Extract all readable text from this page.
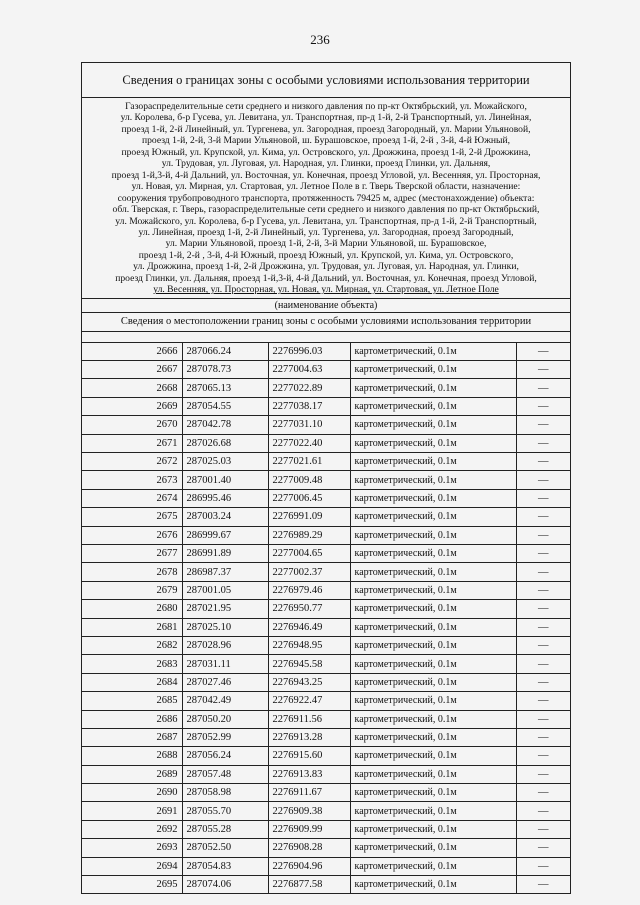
236
Сведения о границах зоны с особыми условиями использования территории
Газораспределительные сети среднего и низкого давления по пр-кт Октябрьский, ул. Можайского,
ул. Королева, б-р Гусева, ул. Левитана, ул. Транспортная, пр-д 1-й, 2-й Транспортный, ул. Линейная,
проезд 1-й, 2-й Линейный, ул. Тургенева, ул. Загородная, проезд Загородный, ул. Марии Ульяновой,
проезд 1-й, 2-й, 3-й Марии Ульяновой, ш. Бурашовское, проезд 1-й, 2-й , 3-й, 4-й Южный,
проезд Южный, ул. Крупской, ул. Кима, ул. Островского, ул. Дрожжина, проезд 1-й, 2-й Дрожжина,
ул. Трудовая, ул. Луговая, ул. Народная, ул. Глинки, проезд Глинки, ул. Дальняя,
проезд 1-й,3-й, 4-й Дальний, ул. Восточная, ул. Конечная, проезд Угловой, ул. Весенняя, ул. Просторная,
ул. Новая, ул. Мирная, ул. Стартовая, ул. Летное Поле в г. Тверь Тверской области, назначение:
сооружения трубопроводного транспорта, протяженность 79425 м, адрес (местонахождение) объекта:
обл. Тверская, г. Тверь, газораспределительные сети среднего и низкого давления по пр-кт Октябрьский,
ул. Можайского, ул. Королева, б-р Гусева, ул. Левитана, ул. Транспортная, пр-д 1-й, 2-й Транспортный,
ул. Линейная, проезд 1-й, 2-й Линейный, ул. Тургенева, ул. Загородная, проезд Загородный,
ул. Марии Ульяновой, проезд 1-й, 2-й, 3-й Марии Ульяновой, ш. Бурашовское,
проезд 1-й, 2-й , 3-й, 4-й Южный, проезд Южный, ул. Крупской, ул. Кима, ул. Островского,
ул. Дрожжина, проезд 1-й, 2-й Дрожжина, ул. Трудовая, ул. Луговая, ул. Народная, ул. Глинки,
проезд Глинки, ул. Дальняя, проезд 1-й,3-й, 4-й Дальний, ул. Восточная, ул. Конечная, проезд Угловой,
ул. Весенняя, ул. Просторная, ул. Новая, ул. Мирная, ул. Стартовая, ул. Летное Поле
(наименование объекта)
Сведения о местоположении границ зоны с особыми условиями использования территории
2666	287066.24	2276996.03	картометрический, 0.1м	—
2667	287078.73	2277004.63	картометрический, 0.1м	—
2668	287065.13	2277022.89	картометрический, 0.1м	—
2669	287054.55	2277038.17	картометрический, 0.1м	—
2670	287042.78	2277031.10	картометрический, 0.1м	—
2671	287026.68	2277022.40	картометрический, 0.1м	—
2672	287025.03	2277021.61	картометрический, 0.1м	—
2673	287001.40	2277009.48	картометрический, 0.1м	—
2674	286995.46	2277006.45	картометрический, 0.1м	—
2675	287003.24	2276991.09	картометрический, 0.1м	—
2676	286999.67	2276989.29	картометрический, 0.1м	—
2677	286991.89	2277004.65	картометрический, 0.1м	—
2678	286987.37	2277002.37	картометрический, 0.1м	—
2679	287001.05	2276979.46	картометрический, 0.1м	—
2680	287021.95	2276950.77	картометрический, 0.1м	—
2681	287025.10	2276946.49	картометрический, 0.1м	—
2682	287028.96	2276948.95	картометрический, 0.1м	—
2683	287031.11	2276945.58	картометрический, 0.1м	—
2684	287027.46	2276943.25	картометрический, 0.1м	—
2685	287042.49	2276922.47	картометрический, 0.1м	—
2686	287050.20	2276911.56	картометрический, 0.1м	—
2687	287052.99	2276913.28	картометрический, 0.1м	—
2688	287056.24	2276915.60	картометрический, 0.1м	—
2689	287057.48	2276913.83	картометрический, 0.1м	—
2690	287058.98	2276911.67	картометрический, 0.1м	—
2691	287055.70	2276909.38	картометрический, 0.1м	—
2692	287055.28	2276909.99	картометрический, 0.1м	—
2693	287052.50	2276908.28	картометрический, 0.1м	—
2694	287054.83	2276904.96	картометрический, 0.1м	—
2695	287074.06	2276877.58	картометрический, 0.1м	—
